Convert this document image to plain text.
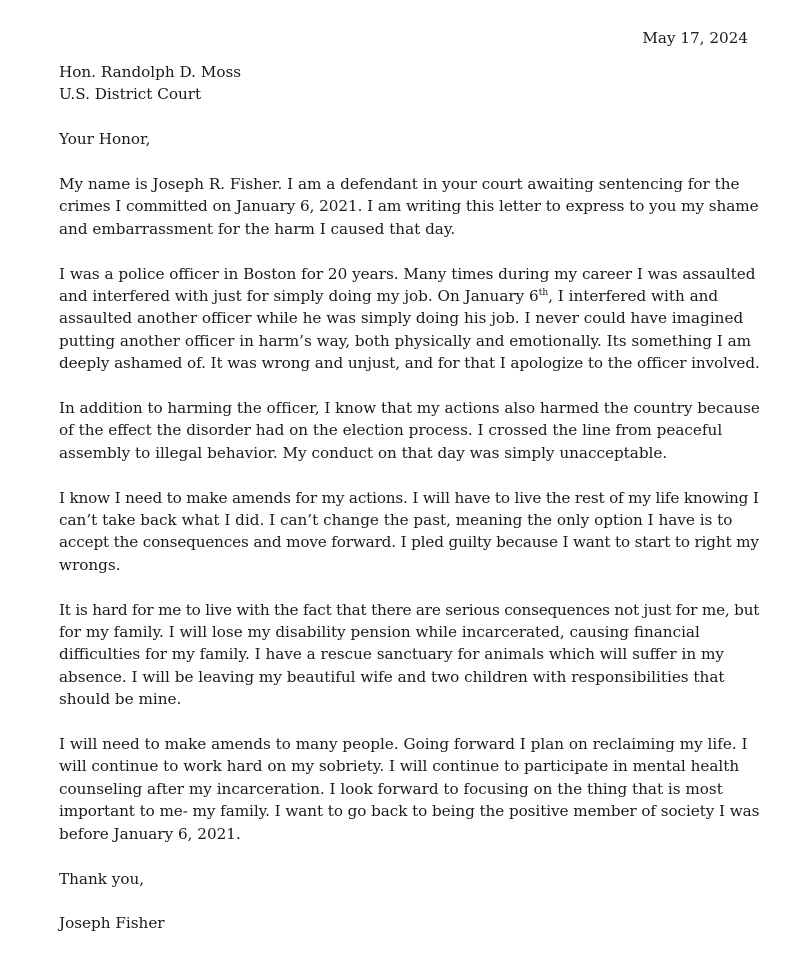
May 17, 2024
Hon. Randolph D. Moss
U.S. District Court
Your Honor,
My name is Joseph R. Fisher. I am a defendant in your court awaiting sentencing for the
crimes I committed on January 6, 2021. I am writing this letter to express to you my shame
and embarrassment for the harm I caused that day.
I was a police officer in Boston for 20 years. Many times during my career I was assaulted
and interfered with just for simply doing my job. On January 6th, I interfered with and
assaulted another officer while he was simply doing his job. I never could have imagined
putting another officer in harm’s way, both physically and emotionally. Its something I am
deeply ashamed of. It was wrong and unjust, and for that I apologize to the officer involved.
In addition to harming the officer, I know that my actions also harmed the country because
of the effect the disorder had on the election process. I crossed the line from peaceful
assembly to illegal behavior. My conduct on that day was simply unacceptable.
I know I need to make amends for my actions. I will have to live the rest of my life knowing I
can’t take back what I did. I can’t change the past, meaning the only option I have is to
accept the consequences and move forward. I pled guilty because I want to start to right my
wrongs.
It is hard for me to live with the fact that there are serious consequences not just for me, but
for my family. I will lose my disability pension while incarcerated, causing financial
difficulties for my family. I have a rescue sanctuary for animals which will suffer in my
absence. I will be leaving my beautiful wife and two children with responsibilities that
should be mine.
I will need to make amends to many people. Going forward I plan on reclaiming my life. I
will continue to work hard on my sobriety. I will continue to participate in mental health
counseling after my incarceration. I look forward to focusing on the thing that is most
important to me- my family. I want to go back to being the positive member of society I was
before January 6, 2021.
Thank you,
Joseph Fisher
